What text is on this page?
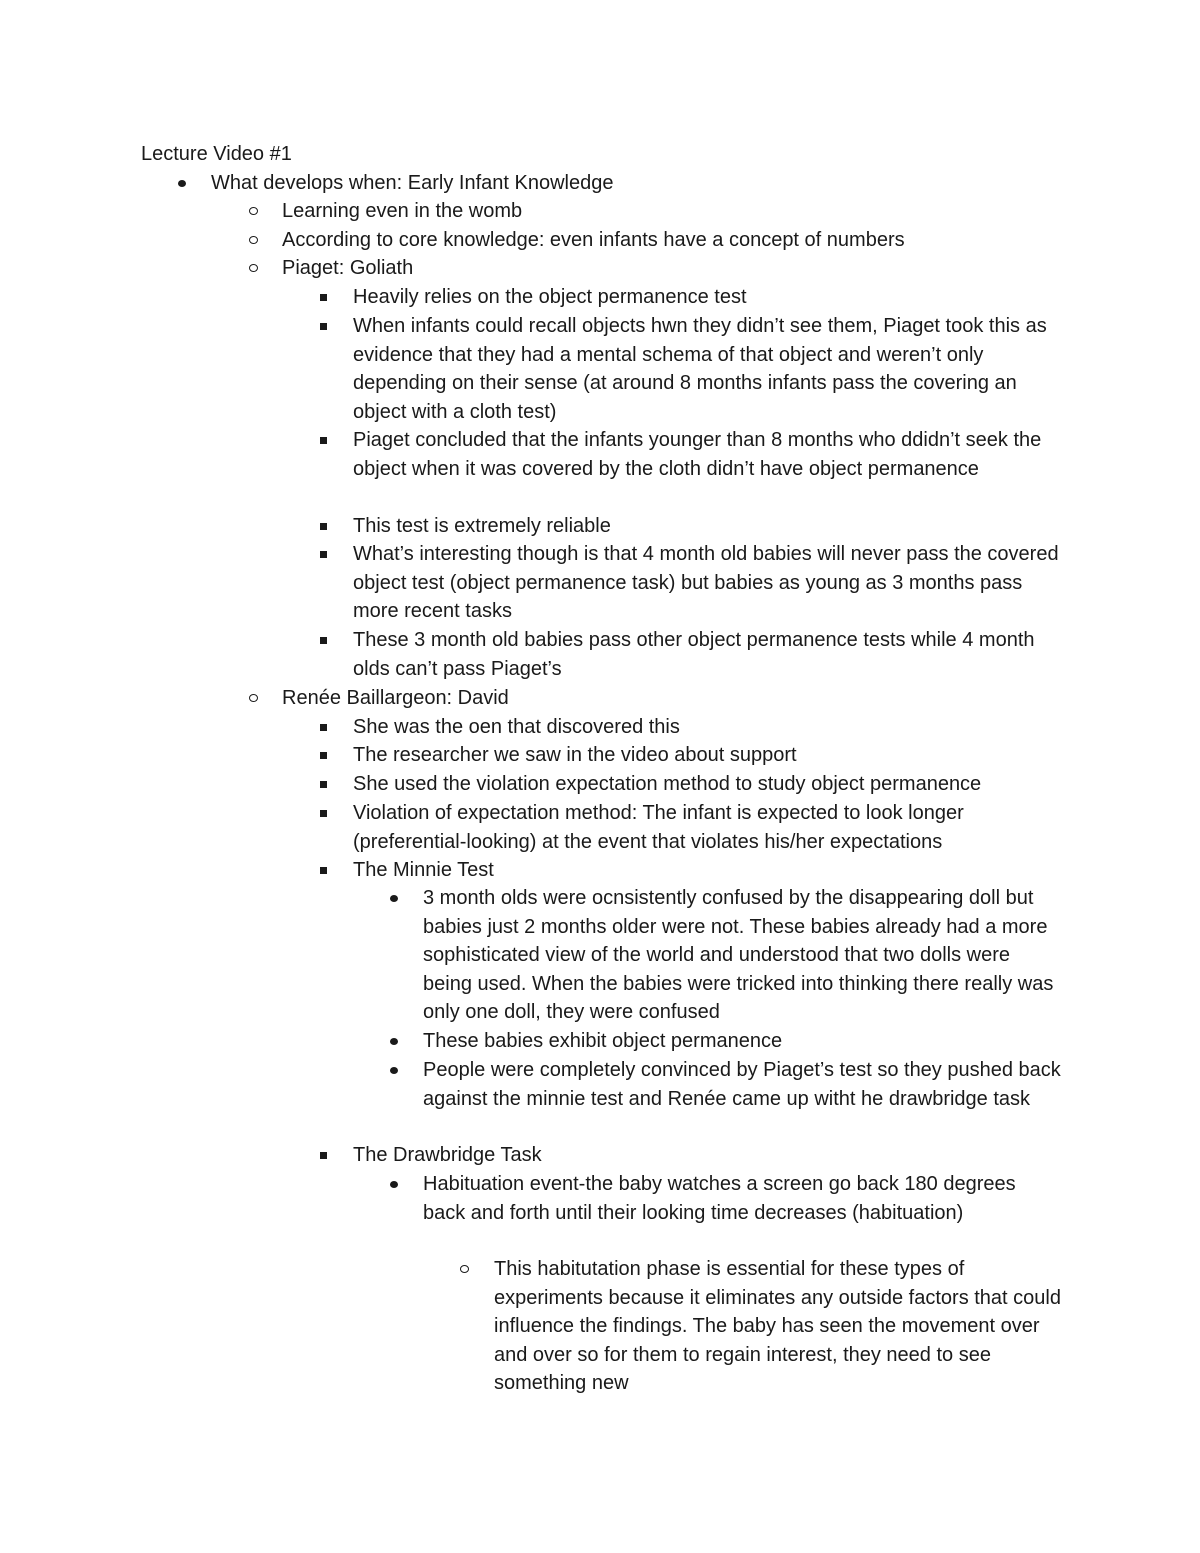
Lecture Video #1
What develops when: Early Infant Knowledge
Learning even in the womb
According to core knowledge: even infants have a concept of numbers
Piaget: Goliath
Heavily relies on the object permanence test
When infants could recall objects hwn they didn’t see them, Piaget took this as evidence that they had a mental schema of that object and weren’t only depending on their sense (at around 8 months infants pass the covering an object with a cloth test)
Piaget concluded that the infants younger than 8 months who ddidn’t seek the object when it was covered by the cloth didn’t have object permanence
This test is extremely reliable
What’s interesting though is that 4 month old babies will never pass the covered object test (object permanence task) but babies as young as 3 months pass more recent tasks
These 3 month old babies pass other object permanence tests while 4 month olds can’t pass Piaget’s
Renée Baillargeon: David
She was the oen that discovered this
The researcher we saw in the video about support
She used the violation expectation method to study object permanence
Violation of expectation method: The infant is expected to look longer (preferential-looking) at the event that violates his/her expectations
The Minnie Test
3 month olds were ocnsistently confused by the disappearing doll but babies just 2 months older were not. These babies already had a more sophisticated view of the world and understood that two dolls were being used. When the babies were tricked into thinking there really was only one doll, they were confused
These babies exhibit object permanence
People were completely convinced by Piaget’s test so they pushed back against the minnie test and Renée came up witht he drawbridge task
The Drawbridge Task
Habituation event-the baby watches a screen go back 180 degrees back and forth until their looking time decreases (habituation)
This habitutation phase is essential for these types of experiments because it eliminates any outside factors that could influence the findings. The baby has seen the movement over and over so for them to regain interest, they need to see something new
